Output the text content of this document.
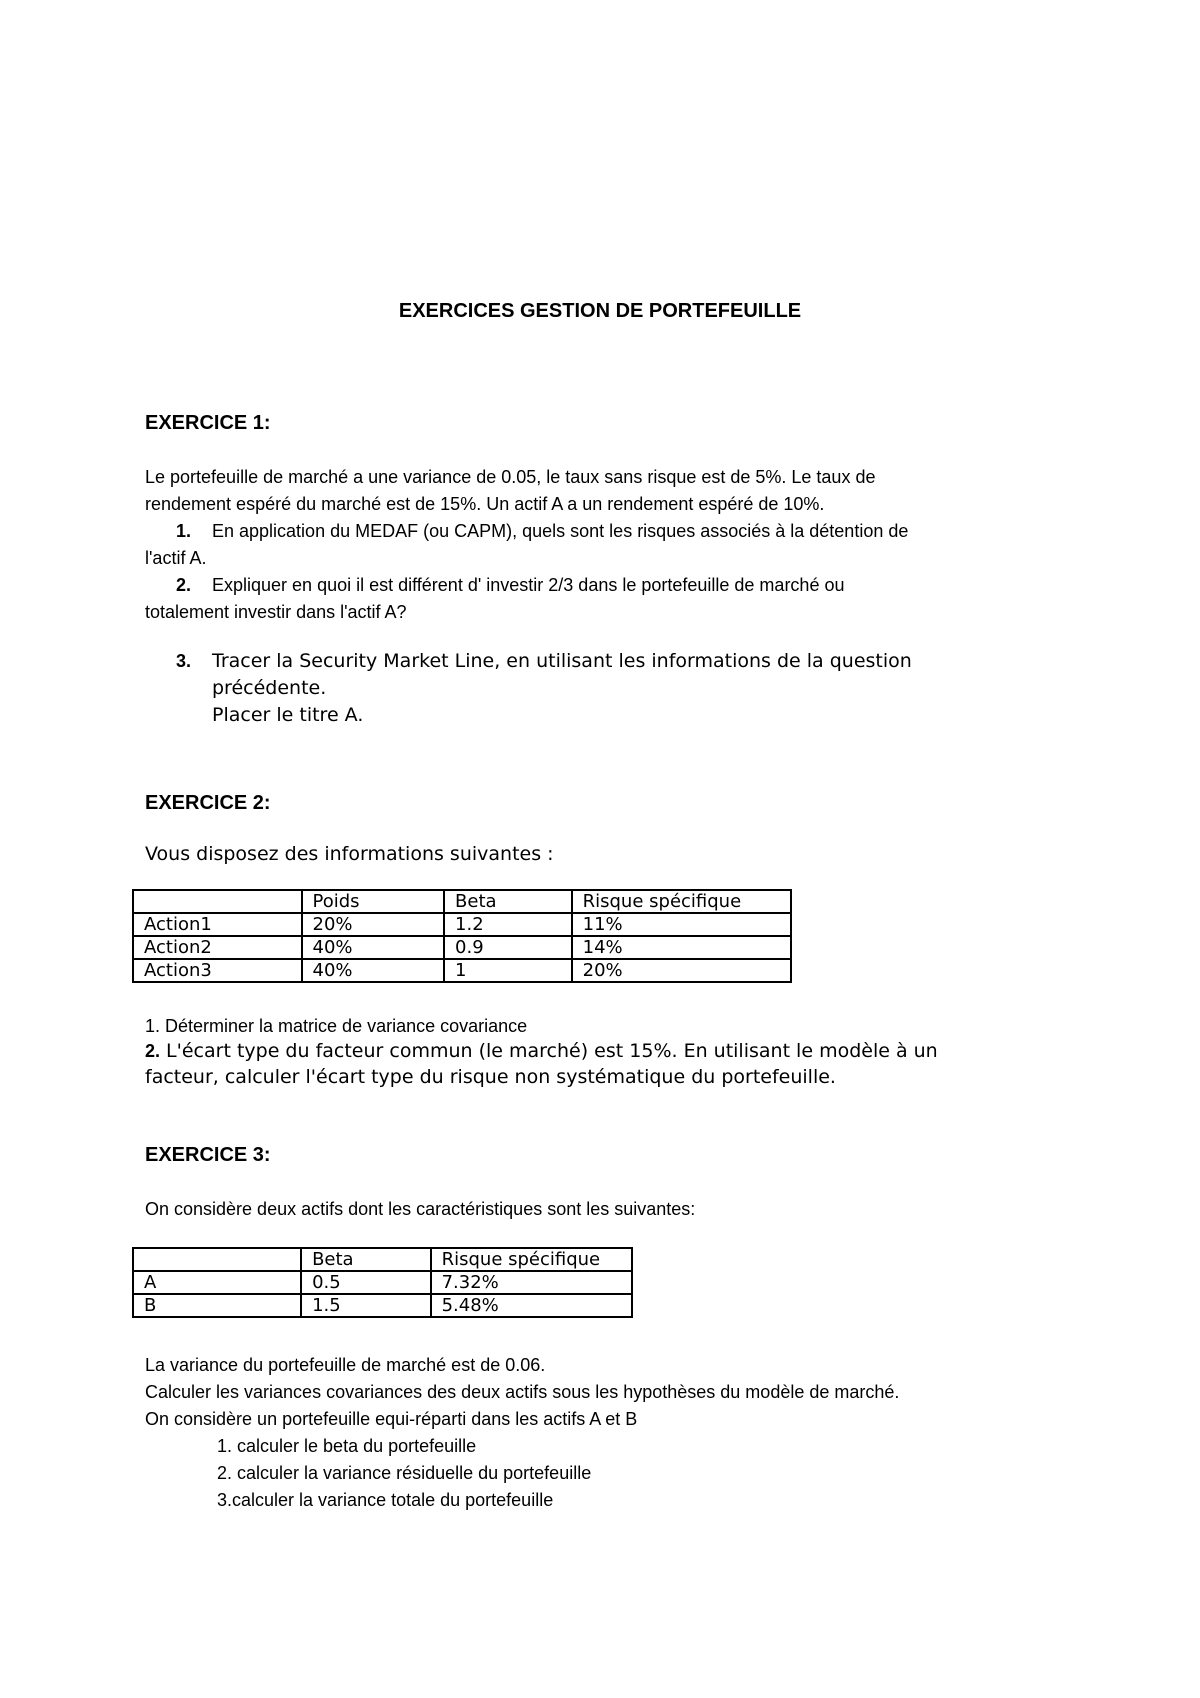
EXERCICES GESTION DE PORTEFEUILLE
EXERCICE 1:
Le portefeuille de marché a une variance de 0.05, le taux sans risque est de 5%. Le taux de
rendement espéré du marché est de 15%. Un actif A a un rendement espéré de 10%.
1. En application du MEDAF (ou CAPM), quels sont les risques associés à la détention de
l'actif A.
2. Expliquer en quoi il est différent d' investir 2/3 dans le portefeuille de marché ou
totalement investir dans l'actif A?
3. Tracer la Security Market Line, en utilisant les informations de la question
précédente.
Placer le titre A.
EXERCICE 2:
Vous disposez des informations suivantes :
	Poids	Beta	Risque spécifique
Action1	20%	1.2	11%
Action2	40%	0.9	14%
Action3	40%	1	20%
1. Déterminer la matrice de variance covariance
2. L'écart type du facteur commun (le marché) est 15%. En utilisant le modèle à un
facteur, calculer l'écart type du risque non systématique du portefeuille.
EXERCICE 3:
On considère deux actifs dont les caractéristiques sont les suivantes:
	Beta	Risque spécifique
A	0.5	7.32%
B	1.5	5.48%
La variance du portefeuille de marché est de 0.06.
Calculer les variances covariances des deux actifs sous les hypothèses du modèle de marché.
On considère un portefeuille equi-réparti dans les actifs A et B
1. calculer le beta du portefeuille
2. calculer la variance résiduelle du portefeuille
3.calculer la variance totale du portefeuille
